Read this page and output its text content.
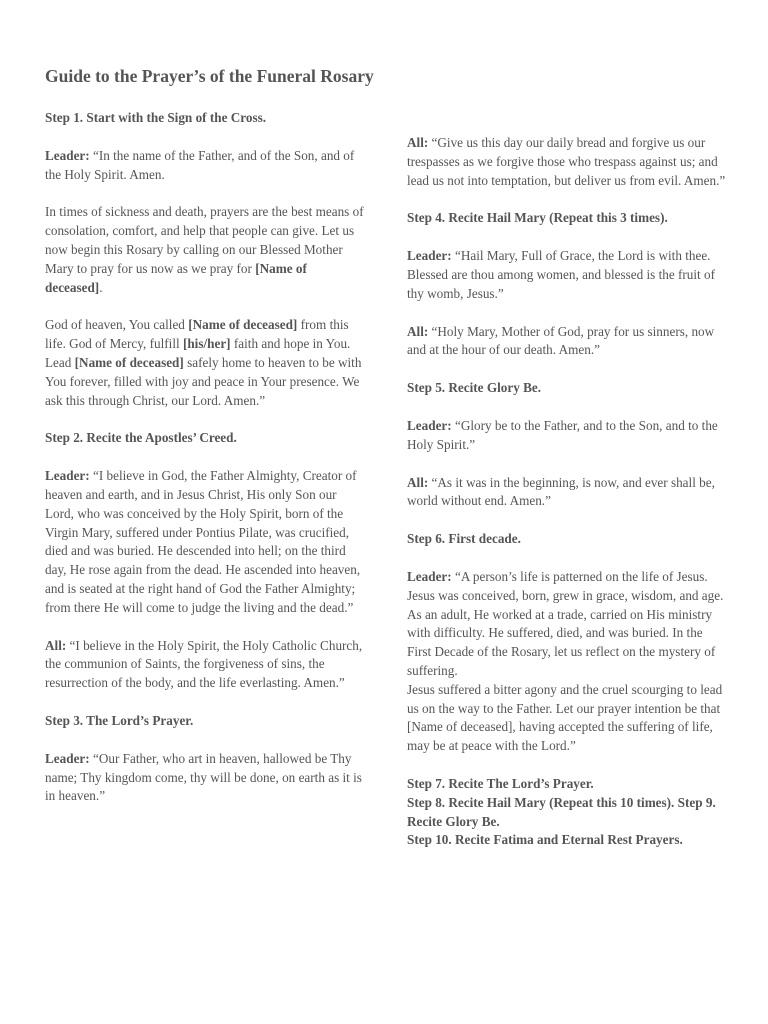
Guide to the Prayer’s of the Funeral Rosary

Step 1. Start with the Sign of the Cross.

Leader: “In the name of the Father, and of the Son, and of the Holy Spirit. Amen.

In times of sickness and death, prayers are the best means of consolation, comfort, and help that people can give. Let us now begin this Rosary by calling on our Blessed Mother Mary to pray for us now as we pray for [Name of deceased].

God of heaven, You called [Name of deceased] from this life. God of Mercy, fulfill [his/her] faith and hope in You. Lead [Name of deceased] safely home to heaven to be with You forever, filled with joy and peace in Your presence. We ask this through Christ, our Lord. Amen.”

Step 2. Recite the Apostles’ Creed.

Leader: “I believe in God, the Father Almighty, Creator of heaven and earth, and in Jesus Christ, His only Son our Lord, who was conceived by the Holy Spirit, born of the Virgin Mary, suffered under Pontius Pilate, was crucified, died and was buried. He descended into hell; on the third day, He rose again from the dead. He ascended into heaven, and is seated at the right hand of God the Father Almighty; from there He will come to judge the living and the dead.”

All: “I believe in the Holy Spirit, the Holy Catholic Church, the communion of Saints, the forgiveness of sins, the resurrection of the body, and the life everlasting. Amen.”

Step 3. The Lord’s Prayer.

Leader: “Our Father, who art in heaven, hallowed be Thy name; Thy kingdom come, thy will be done, on earth as it is in heaven.”

All: “Give us this day our daily bread and forgive us our trespasses as we forgive those who trespass against us; and lead us not into temptation, but deliver us from evil. Amen.”

Step 4. Recite Hail Mary (Repeat this 3 times).

Leader: “Hail Mary, Full of Grace, the Lord is with thee. Blessed are thou among women, and blessed is the fruit of thy womb, Jesus.”

All: “Holy Mary, Mother of God, pray for us sinners, now and at the hour of our death. Amen.”

Step 5. Recite Glory Be.

Leader: “Glory be to the Father, and to the Son, and to the Holy Spirit.”

All: “As it was in the beginning, is now, and ever shall be, world without end. Amen.”

Step 6. First decade.

Leader: “A person’s life is patterned on the life of Jesus. Jesus was conceived, born, grew in grace, wisdom, and age. As an adult, He worked at a trade, carried on His ministry with difficulty. He suffered, died, and was buried. In the First Decade of the Rosary, let us reflect on the mystery of suffering.

Jesus suffered a bitter agony and the cruel scourging to lead us on the way to the Father. Let our prayer intention be that [Name of deceased], having accepted the suffering of life, may be at peace with the Lord.”

Step 7. Recite The Lord’s Prayer.

Step 8. Recite Hail Mary (Repeat this 10 times). Step 9. Recite Glory Be.

Step 10. Recite Fatima and Eternal Rest Prayers.
